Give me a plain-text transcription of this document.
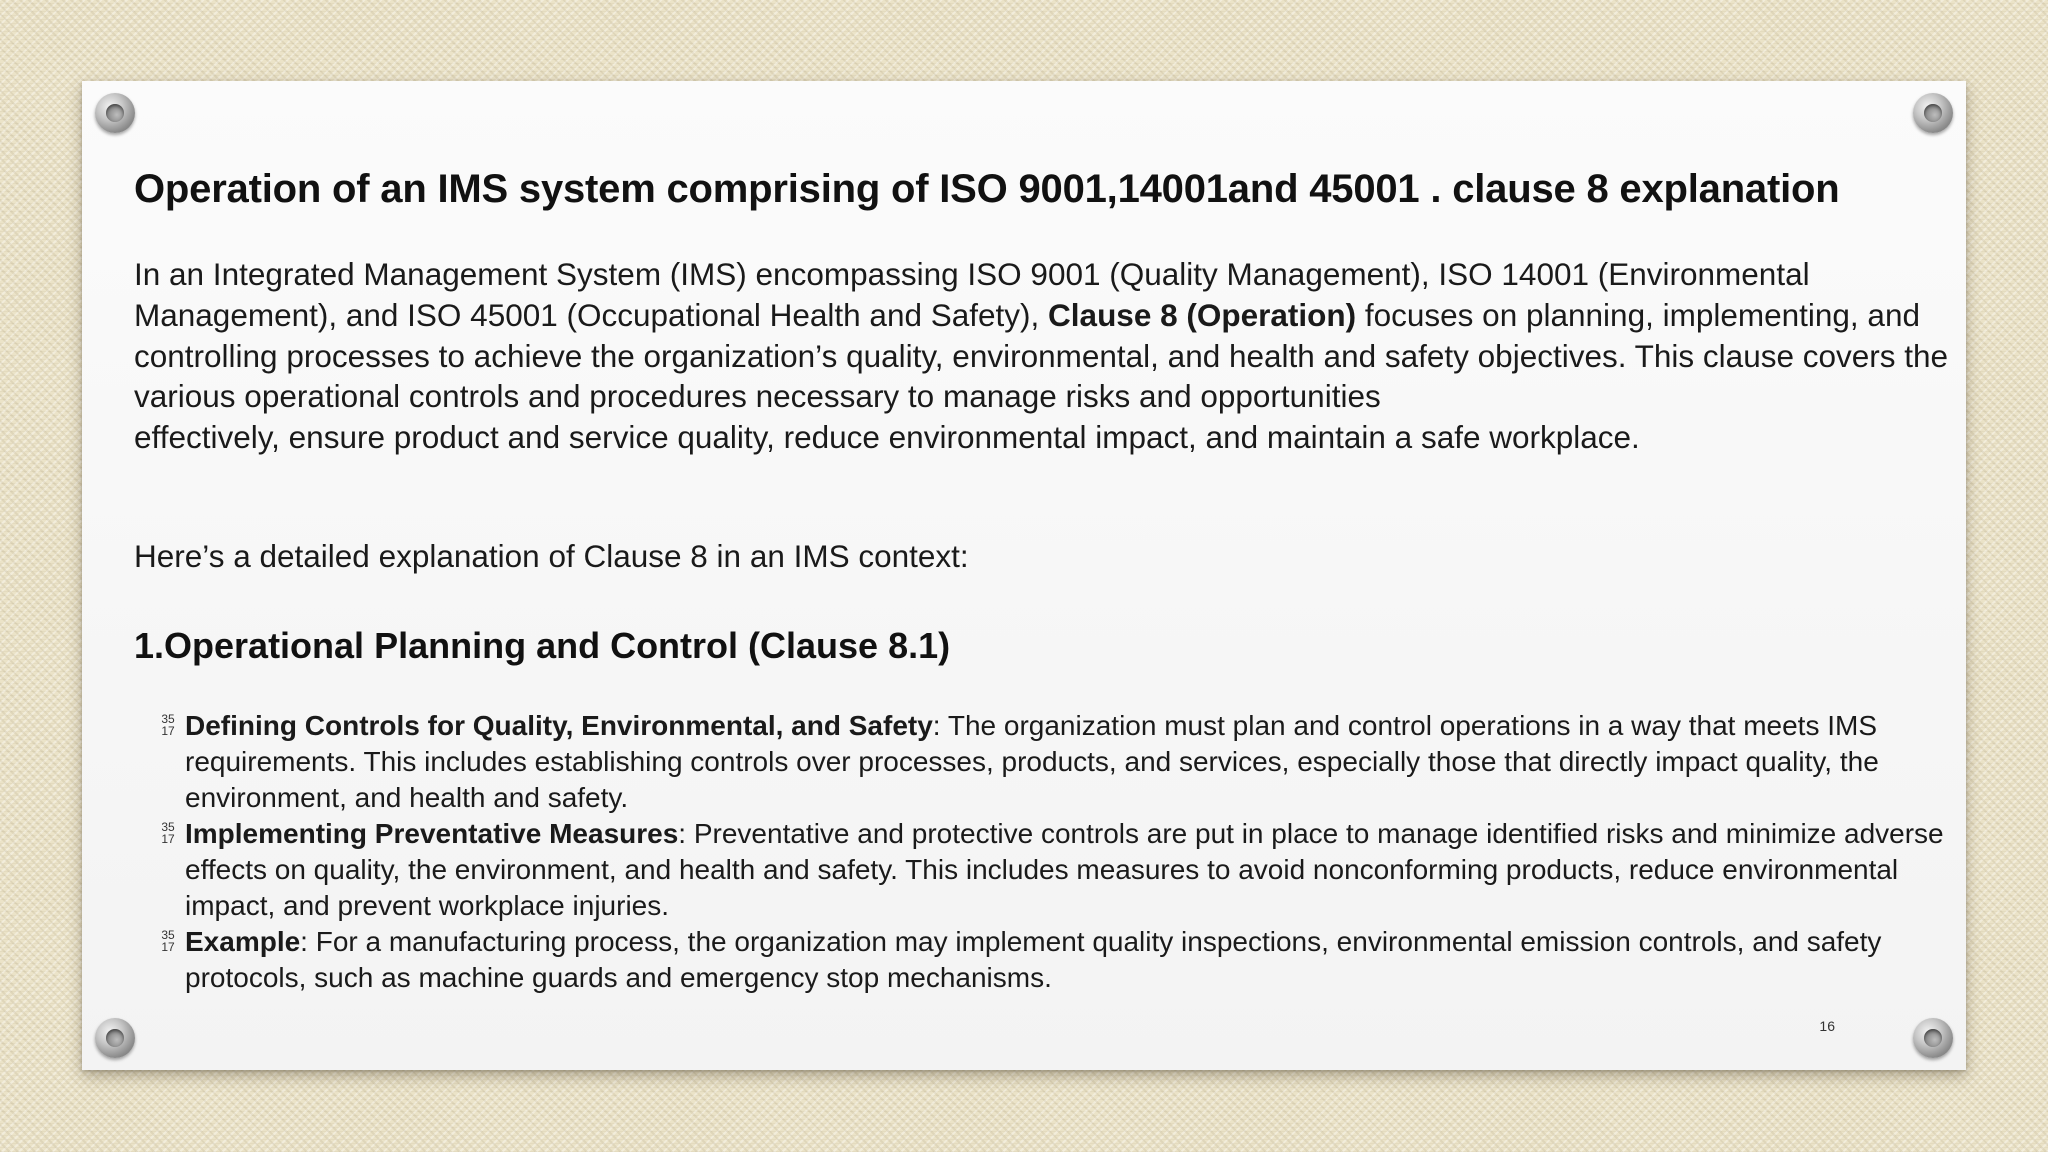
Operation of an IMS system comprising of ISO 9001,14001and 45001 . clause 8 explanation

In an Integrated Management System (IMS) encompassing ISO 9001 (Quality Management), ISO 14001 (Environmental Management), and ISO 45001 (Occupational Health and Safety), Clause 8 (Operation) focuses on planning, implementing, and controlling processes to achieve the organization’s quality, environmental, and health and safety objectives. This clause covers the various operational controls and procedures necessary to manage risks and opportunities
effectively, ensure product and service quality, reduce environmental impact, and maintain a safe workplace.

Here’s a detailed explanation of Clause 8 in an IMS context:

1.Operational Planning and Control (Clause 8.1)
35
17 Defining Controls for Quality, Environmental, and Safety: The organization must plan and control operations in a way that meets IMS requirements. This includes establishing controls over processes, products, and services, especially those that directly impact quality, the environment, and health and safety.
35
17 Implementing Preventative Measures: Preventative and protective controls are put in place to manage identified risks and minimize adverse effects on quality, the environment, and health and safety. This includes measures to avoid nonconforming products, reduce environmental impact, and prevent workplace injuries.
35
17 Example: For a manufacturing process, the organization may implement quality inspections, environmental emission controls, and safety protocols, such as machine guards and emergency stop mechanisms.
16
